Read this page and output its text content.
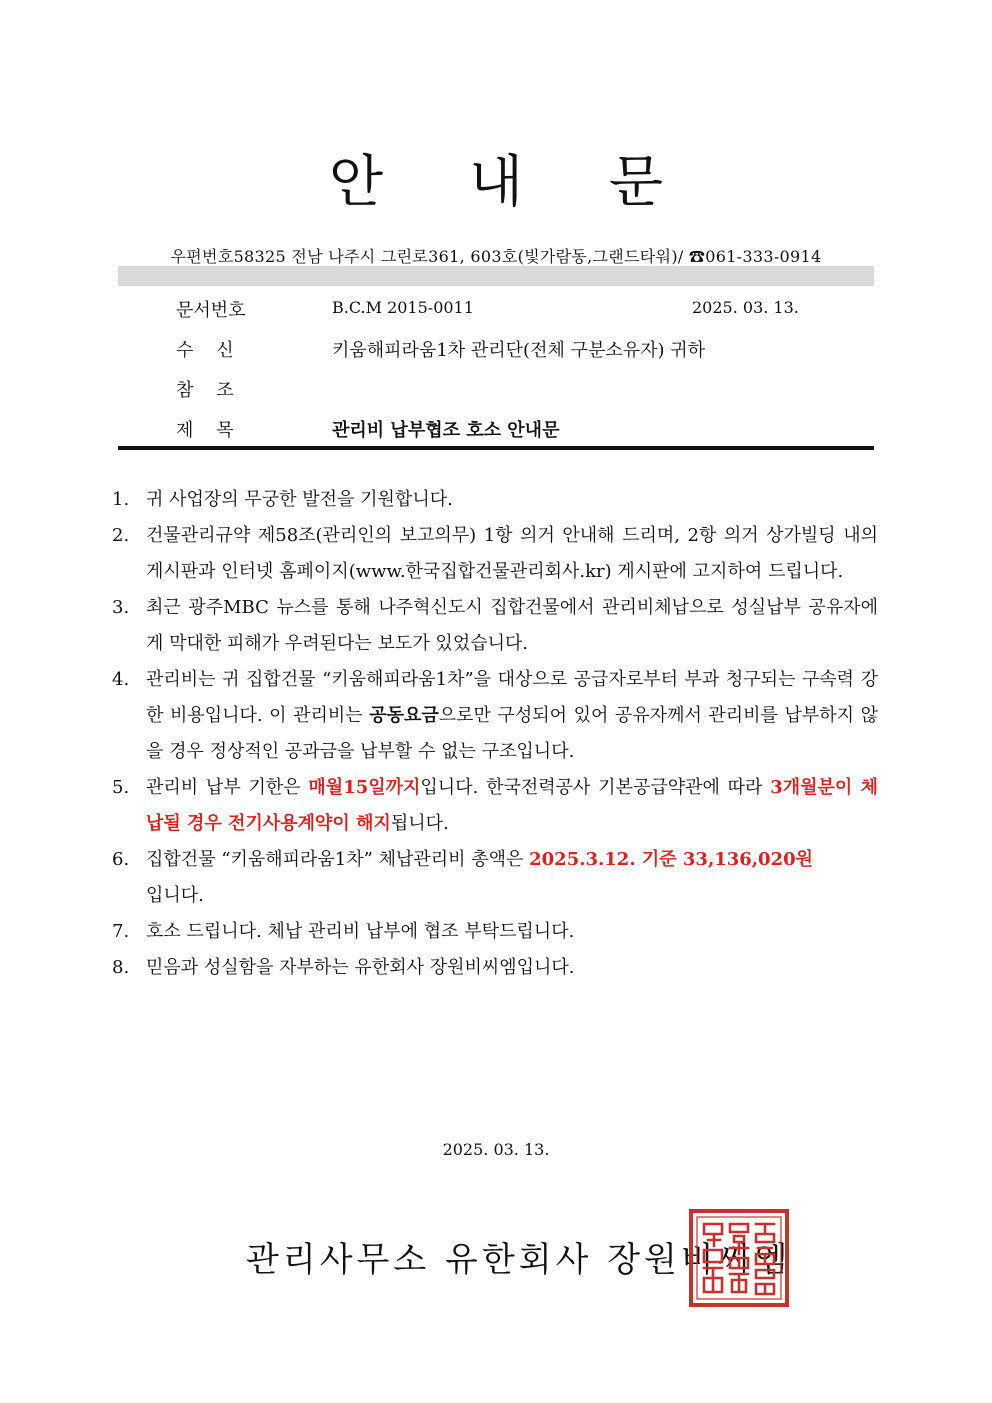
안 내 문
우편번호58325 전남 나주시 그린로361, 603호(빛가람동,그랜드타워)/ ☎061-333-0914
문서번호	B.C.M 2015-0011	2025. 03. 13.
수    신	키움해피라움1차 관리단(전체 구분소유자) 귀하
참    조
제    목	관리비 납부협조 호소 안내문
1. 귀 사업장의 무궁한 발전을 기원합니다.
2. 건물관리규약 제58조(관리인의 보고의무) 1항 의거 안내해 드리며, 2항 의거 상가빌딩 내의 게시판과 인터넷 홈페이지(www.한국집합건물관리회사.kr) 게시판에 고지하여 드립니다.
3. 최근 광주MBC 뉴스를 통해 나주혁신도시 집합건물에서 관리비체납으로 성실납부 공유자에게 막대한 피해가 우려된다는 보도가 있었습니다.
4. 관리비는 귀 집합건물 “키움해피라움1차”을 대상으로 공급자로부터 부과 청구되는 구속력 강한 비용입니다. 이 관리비는 공동요금으로만 구성되어 있어 공유자께서 관리비를 납부하지 않을 경우 정상적인 공과금을 납부할 수 없는 구조입니다.
5. 관리비 납부 기한은 매월15일까지입니다. 한국전력공사 기본공급약관에 따라 3개월분이 체납될 경우 전기사용계약이 해지됩니다.
6. 집합건물 “키움해피라움1차” 체납관리비 총액은 2025.3.12. 기준 33,136,020원
입니다.
7. 호소 드립니다. 체납 관리비 납부에 협조 부탁드립니다.
8. 믿음과 성실함을 자부하는 유한회사 장원비씨엠입니다.
2025. 03. 13.
관리사무소 유한회사 장원비씨엠
